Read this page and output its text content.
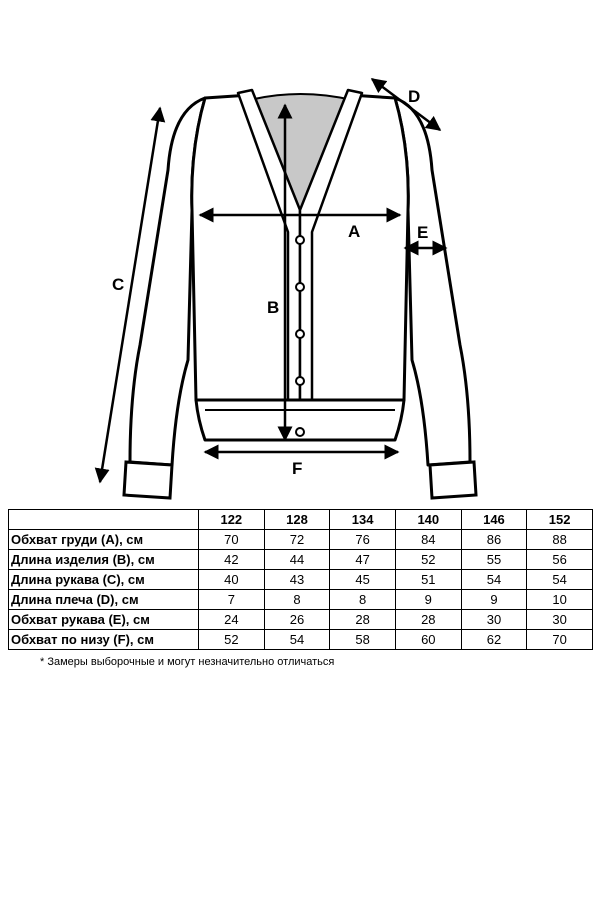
A
B
C
D
E
F
	122	128	134	140	146	152
Обхват груди (A), см	70	72	76	84	86	88
Длина изделия (B), см	42	44	47	52	55	56
Длина рукава (C), см	40	43	45	51	54	54
Длина плеча (D), см	7	8	8	9	9	10
Обхват рукава (E), см	24	26	28	28	30	30
Обхват по низу (F), см	52	54	58	60	62	70
* Замеры выборочные и могут незначительно отличаться
